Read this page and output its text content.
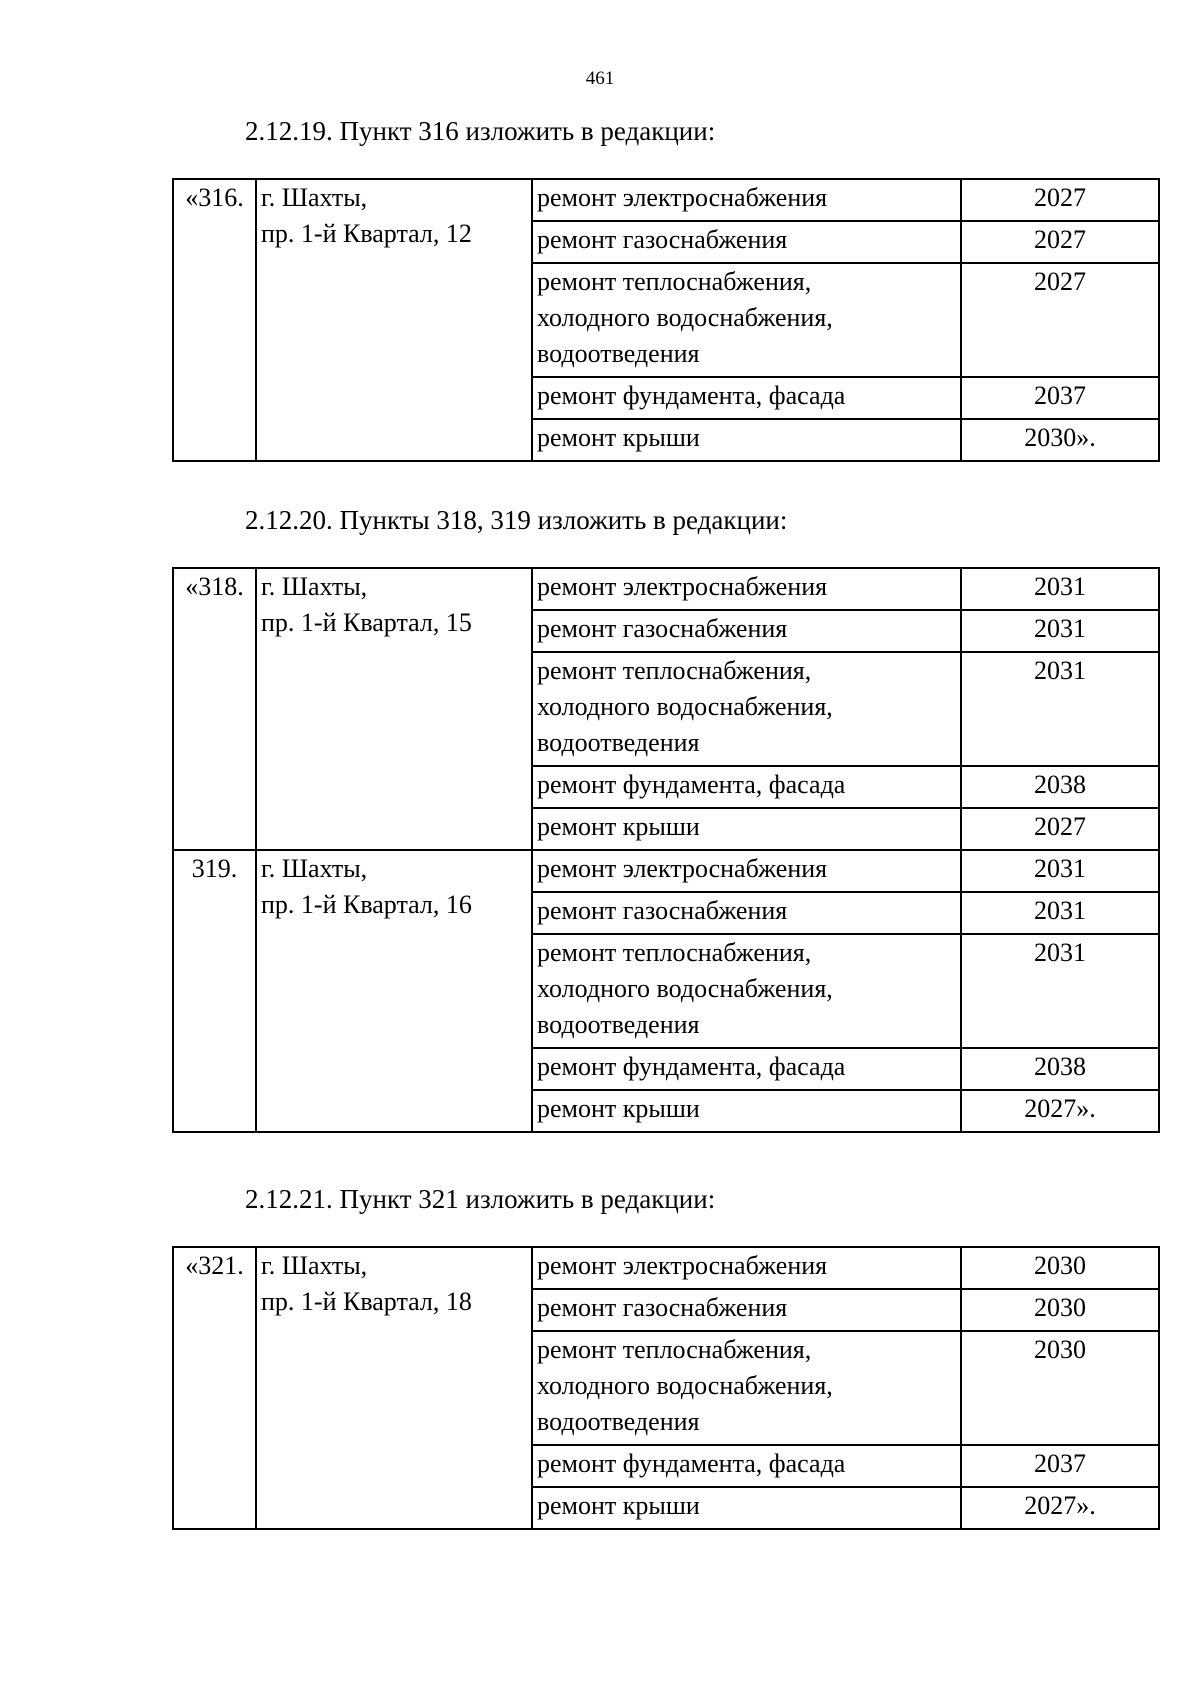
461
2.12.19. Пункт 316 изложить в редакции:
«316.	г. Шахты,
пр. 1-й Квартал, 12	ремонт электроснабжения	2027
		ремонт газоснабжения	2027
		ремонт теплоснабжения,
холодного водоснабжения,
водоотведения	2027
		ремонт фундамента, фасада	2037
		ремонт крыши	2030».
2.12.20. Пункты 318, 319 изложить в редакции:
«318.	г. Шахты,
пр. 1-й Квартал, 15	ремонт электроснабжения	2031
		ремонт газоснабжения	2031
		ремонт теплоснабжения,
холодного водоснабжения,
водоотведения	2031
		ремонт фундамента, фасада	2038
		ремонт крыши	2027
319.	г. Шахты,
пр. 1-й Квартал, 16	ремонт электроснабжения	2031
		ремонт газоснабжения	2031
		ремонт теплоснабжения,
холодного водоснабжения,
водоотведения	2031
		ремонт фундамента, фасада	2038
		ремонт крыши	2027».
2.12.21. Пункт 321 изложить в редакции:
«321.	г. Шахты,
пр. 1-й Квартал, 18	ремонт электроснабжения	2030
		ремонт газоснабжения	2030
		ремонт теплоснабжения,
холодного водоснабжения,
водоотведения	2030
		ремонт фундамента, фасада	2037
		ремонт крыши	2027».
